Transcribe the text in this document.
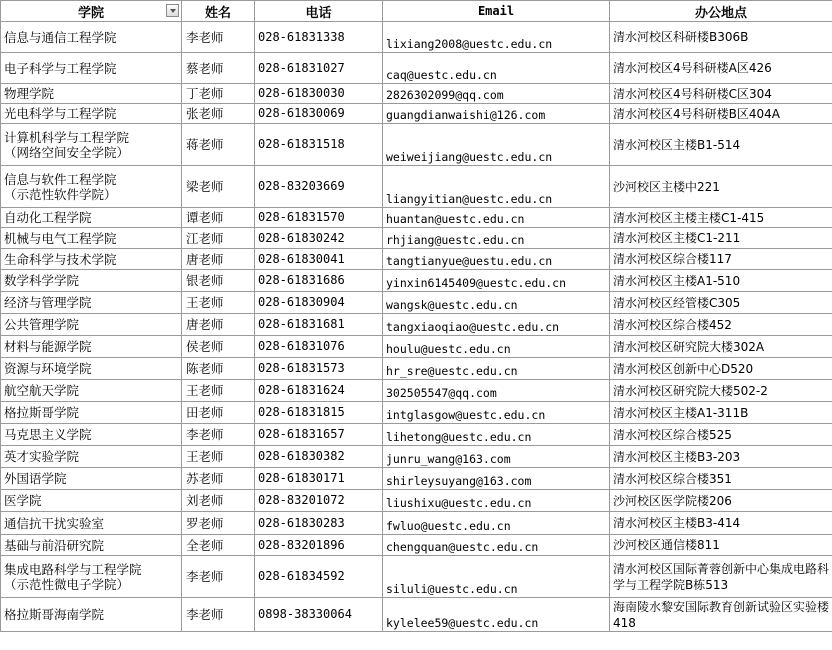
学院	姓名	电话	Email	办公地点

信息与通信工程学院	李老师	028-61831338	lixiang2008@uestc.edu.cn	清水河校区科研楼B306B

电子科学与工程学院	蔡老师	028-61831027	caq@uestc.edu.cn	清水河校区4号科研楼A区426

物理学院	丁老师	028-61830030	2826302099@qq.com	清水河校区4号科研楼C区304

光电科学与工程学院	张老师	028-61830069	guangdianwaishi@126.com	清水河校区4号科研楼B区404A

计算机科学与工程学院
（网络空间安全学院）	蒋老师	028-61831518	weiweijiang@uestc.edu.cn	清水河校区主楼B1-514

信息与软件工程学院
（示范性软件学院）	梁老师	028-83203669	liangyitian@uestc.edu.cn	沙河校区主楼中221

自动化工程学院	谭老师	028-61831570	huantan@uestc.edu.cn	清水河校区主楼主楼C1-415

机械与电气工程学院	江老师	028-61830242	rhjiang@uestc.edu.cn	清水河校区主楼C1-211

生命科学与技术学院	唐老师	028-61830041	tangtianyue@uestu.edu.cn	清水河校区综合楼117

数学科学学院	银老师	028-61831686	yinxin6145409@uestc.edu.cn	清水河校区主楼A1-510

经济与管理学院	王老师	028-61830904	wangsk@uestc.edu.cn	清水河校区经管楼C305

公共管理学院	唐老师	028-61831681	tangxiaoqiao@uestc.edu.cn	清水河校区综合楼452

材料与能源学院	侯老师	028-61831076	houlu@uestc.edu.cn	清水河校区研究院大楼302A

资源与环境学院	陈老师	028-61831573	hr_sre@uestc.edu.cn	清水河校区创新中心D520

航空航天学院	王老师	028-61831624	302505547@qq.com	清水河校区研究院大楼502-2

格拉斯哥学院	田老师	028-61831815	intglasgow@uestc.edu.cn	清水河校区主楼A1-311B

马克思主义学院	李老师	028-61831657	lihetong@uestc.edu.cn	清水河校区综合楼525

英才实验学院	王老师	028-61830382	junru_wang@163.com	清水河校区主楼B3-203

外国语学院	苏老师	028-61830171	shirleysuyang@163.com	清水河校区综合楼351

医学院	刘老师	028-83201072	liushixu@uestc.edu.cn	沙河校区医学院楼206

通信抗干扰实验室	罗老师	028-61830283	fwluo@uestc.edu.cn	清水河校区主楼B3-414

基础与前沿研究院	全老师	028-83201896	chengquan@uestc.edu.cn	沙河校区通信楼811

集成电路科学与工程学院
（示范性微电子学院）	李老师	028-61834592	siluli@uestc.edu.cn	清水河校区国际菁蓉创新中心集成电路科学与工程学院B栋513

格拉斯哥海南学院	李老师	0898-38330064	kylelee59@uestc.edu.cn	海南陵水黎安国际教育创新试验区实验楼418
